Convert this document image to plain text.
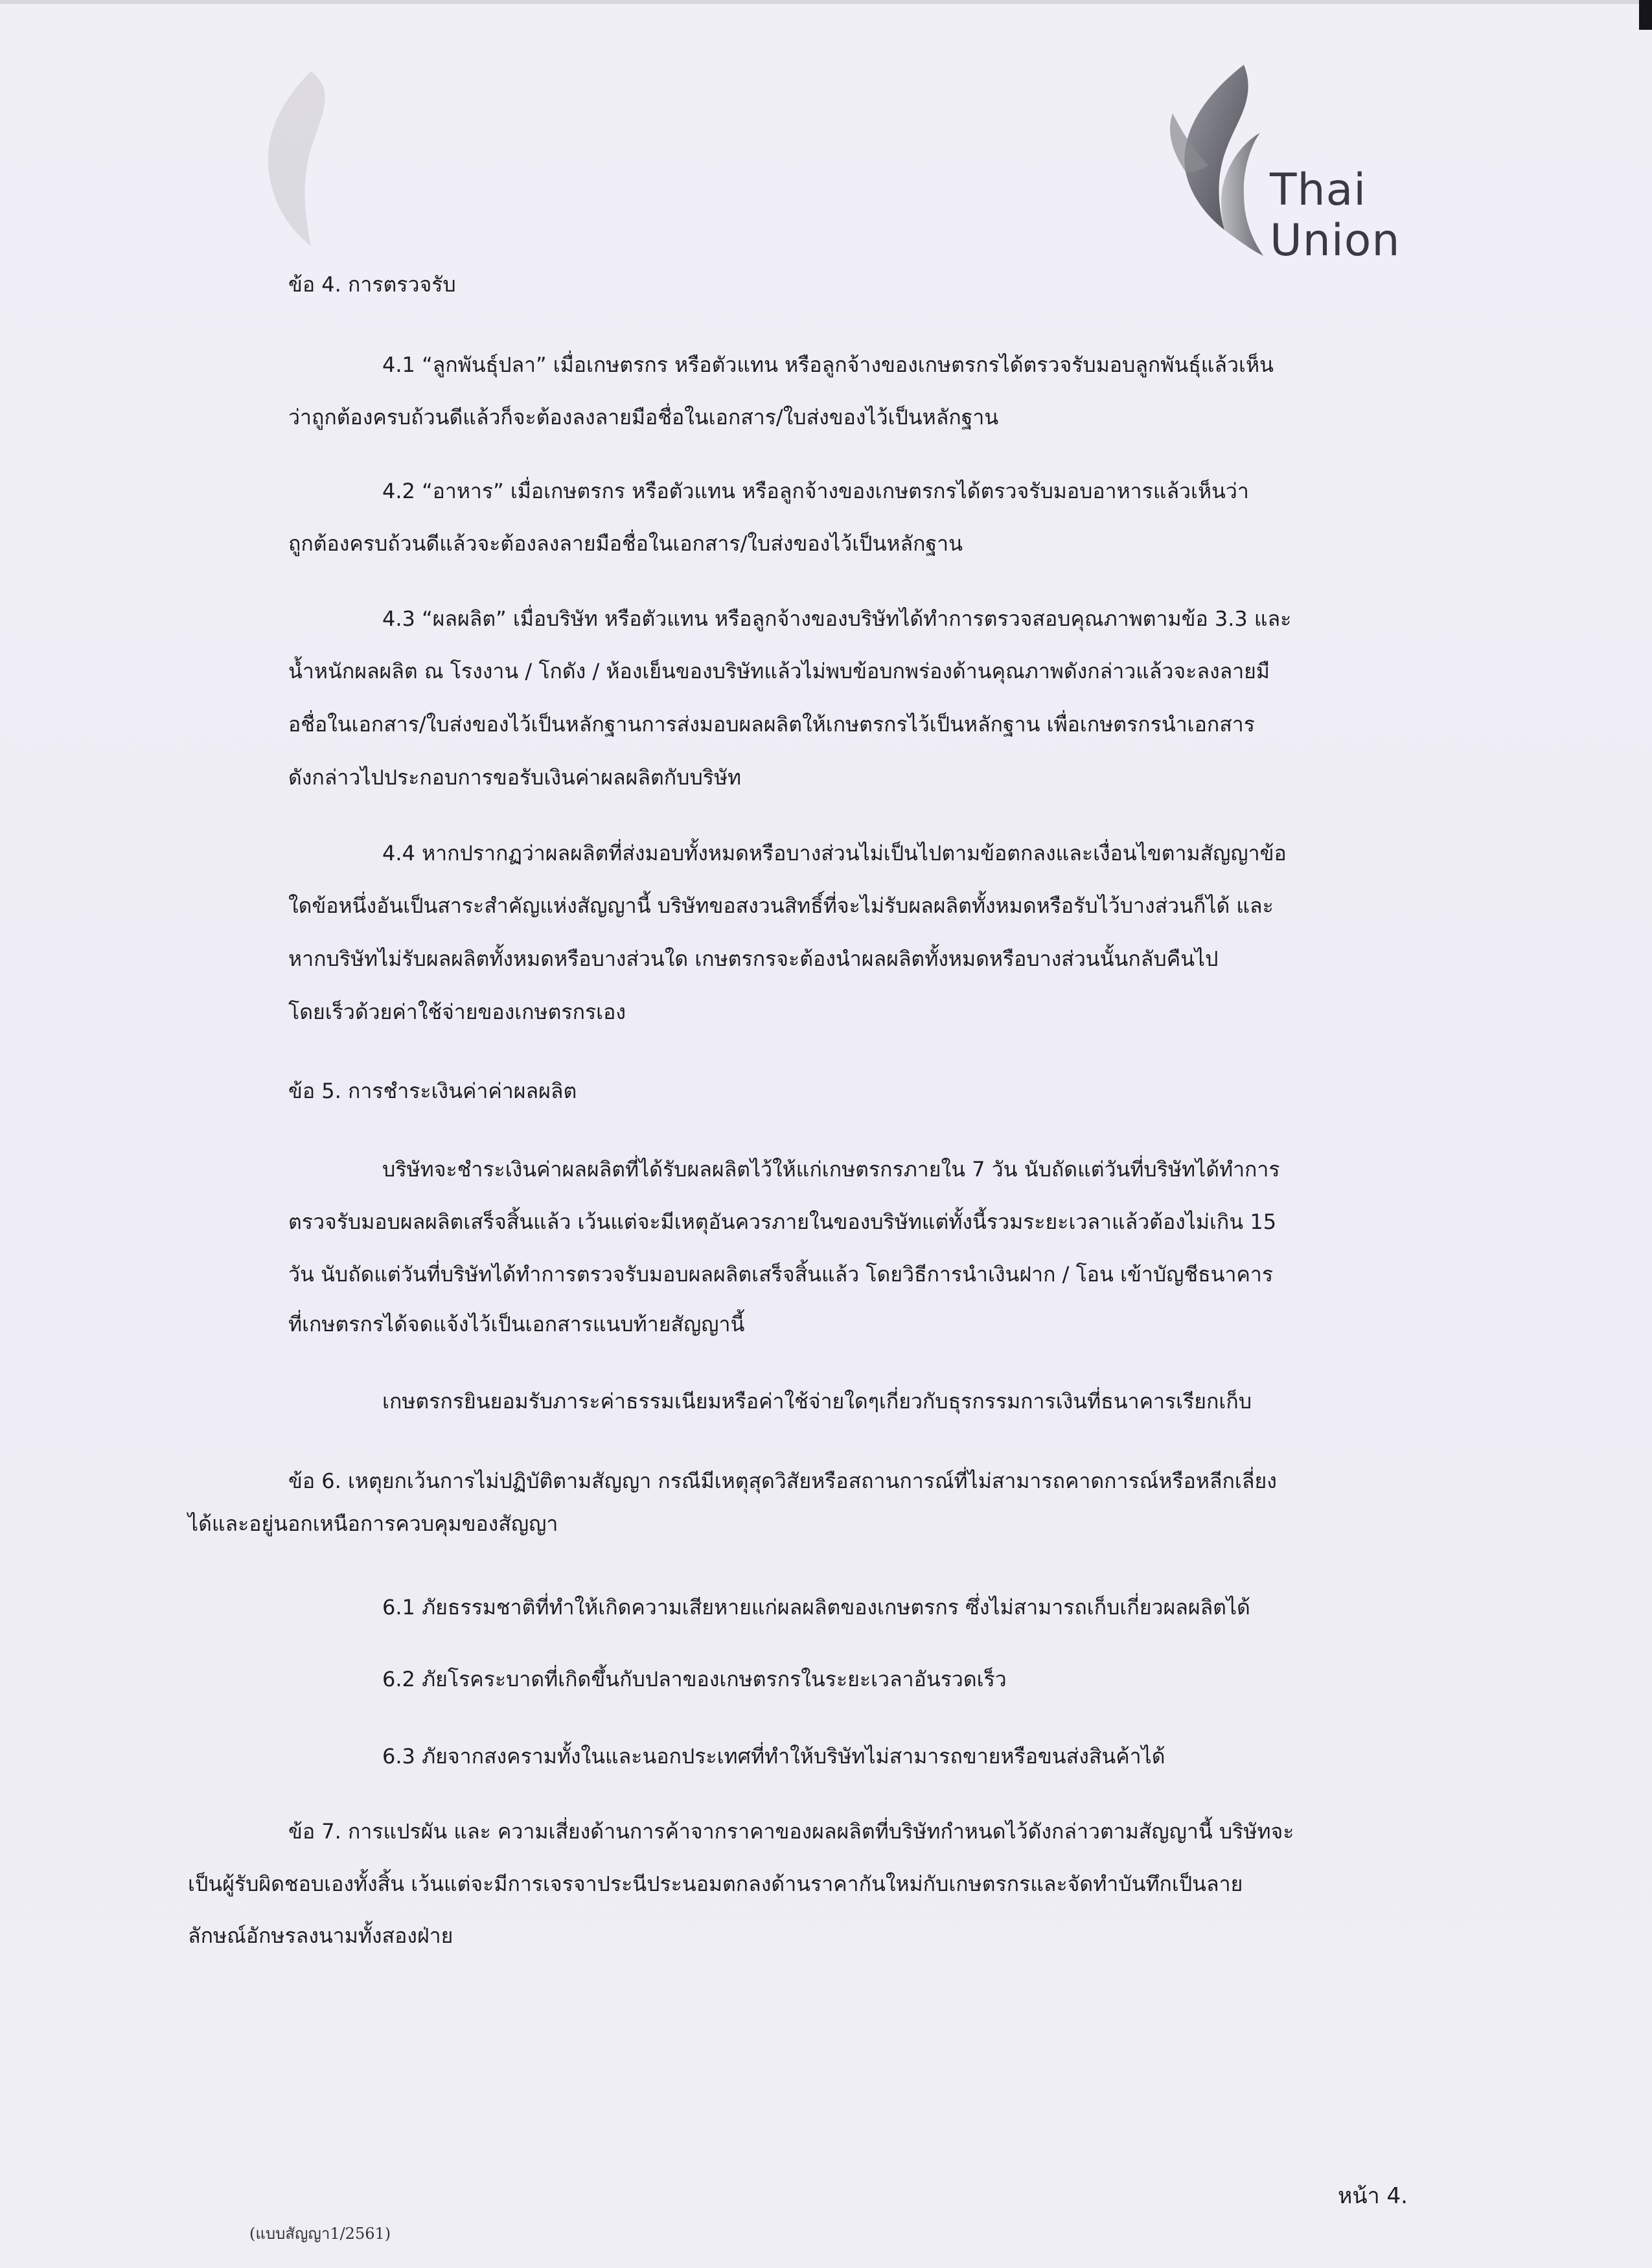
Thai
Union
ข้อ 4. การตรวจรับ
4.1 “ลูกพันธุ์ปลา” เมื่อเกษตรกร หรือตัวแทน หรือลูกจ้างของเกษตรกรได้ตรวจรับมอบลูกพันธุ์แล้วเห็น
ว่าถูกต้องครบถ้วนดีแล้วก็จะต้องลงลายมือชื่อในเอกสาร/ใบส่งของไว้เป็นหลักฐาน
4.2 “อาหาร” เมื่อเกษตรกร หรือตัวแทน หรือลูกจ้างของเกษตรกรได้ตรวจรับมอบอาหารแล้วเห็นว่า
ถูกต้องครบถ้วนดีแล้วจะต้องลงลายมือชื่อในเอกสาร/ใบส่งของไว้เป็นหลักฐาน
4.3 “ผลผลิต” เมื่อบริษัท หรือตัวแทน หรือลูกจ้างของบริษัทได้ทำการตรวจสอบคุณภาพตามข้อ 3.3 และ
น้ำหนักผลผลิต ณ โรงงาน / โกดัง / ห้องเย็นของบริษัทแล้วไม่พบข้อบกพร่องด้านคุณภาพดังกล่าวแล้วจะลงลายมื
อชื่อในเอกสาร/ใบส่งของไว้เป็นหลักฐานการส่งมอบผลผลิตให้เกษตรกรไว้เป็นหลักฐาน เพื่อเกษตรกรนำเอกสาร
ดังกล่าวไปประกอบการขอรับเงินค่าผลผลิตกับบริษัท
4.4 หากปรากฏว่าผลผลิตที่ส่งมอบทั้งหมดหรือบางส่วนไม่เป็นไปตามข้อตกลงและเงื่อนไขตามสัญญาข้อ
ใดข้อหนึ่งอันเป็นสาระสำคัญแห่งสัญญานี้ บริษัทขอสงวนสิทธิ์ที่จะไม่รับผลผลิตทั้งหมดหรือรับไว้บางส่วนก็ได้ และ
หากบริษัทไม่รับผลผลิตทั้งหมดหรือบางส่วนใด เกษตรกรจะต้องนำผลผลิตทั้งหมดหรือบางส่วนนั้นกลับคืนไป
โดยเร็วด้วยค่าใช้จ่ายของเกษตรกรเอง
ข้อ 5. การชำระเงินค่าค่าผลผลิต
บริษัทจะชำระเงินค่าผลผลิตที่ได้รับผลผลิตไว้ให้แก่เกษตรกรภายใน 7 วัน นับถัดแต่วันที่บริษัทได้ทำการ
ตรวจรับมอบผลผลิตเสร็จสิ้นแล้ว เว้นแต่จะมีเหตุอันควรภายในของบริษัทแต่ทั้งนี้รวมระยะเวลาแล้วต้องไม่เกิน 15
วัน นับถัดแต่วันที่บริษัทได้ทำการตรวจรับมอบผลผลิตเสร็จสิ้นแล้ว โดยวิธีการนำเงินฝาก / โอน เข้าบัญชีธนาคาร
ที่เกษตรกรได้จดแจ้งไว้เป็นเอกสารแนบท้ายสัญญานี้
เกษตรกรยินยอมรับภาระค่าธรรมเนียมหรือค่าใช้จ่ายใดๆเกี่ยวกับธุรกรรมการเงินที่ธนาคารเรียกเก็บ
ข้อ 6. เหตุยกเว้นการไม่ปฏิบัติตามสัญญา กรณีมีเหตุสุดวิสัยหรือสถานการณ์ที่ไม่สามารถคาดการณ์หรือหลีกเลี่ยง
ได้และอยู่นอกเหนือการควบคุมของสัญญา
6.1 ภัยธรรมชาติที่ทำให้เกิดความเสียหายแก่ผลผลิตของเกษตรกร ซึ่งไม่สามารถเก็บเกี่ยวผลผลิตได้
6.2 ภัยโรคระบาดที่เกิดขึ้นกับปลาของเกษตรกรในระยะเวลาอันรวดเร็ว
6.3 ภัยจากสงครามทั้งในและนอกประเทศที่ทำให้บริษัทไม่สามารถขายหรือขนส่งสินค้าได้
ข้อ 7. การแปรผัน และ ความเสี่ยงด้านการค้าจากราคาของผลผลิตที่บริษัทกำหนดไว้ดังกล่าวตามสัญญานี้ บริษัทจะ
เป็นผู้รับผิดชอบเองทั้งสิ้น เว้นแต่จะมีการเจรจาประนีประนอมตกลงด้านราคากันใหม่กับเกษตรกรและจัดทำบันทึกเป็นลาย
ลักษณ์อักษรลงนามทั้งสองฝ่าย
หน้า 4.
(แบบสัญญา1/2561)
